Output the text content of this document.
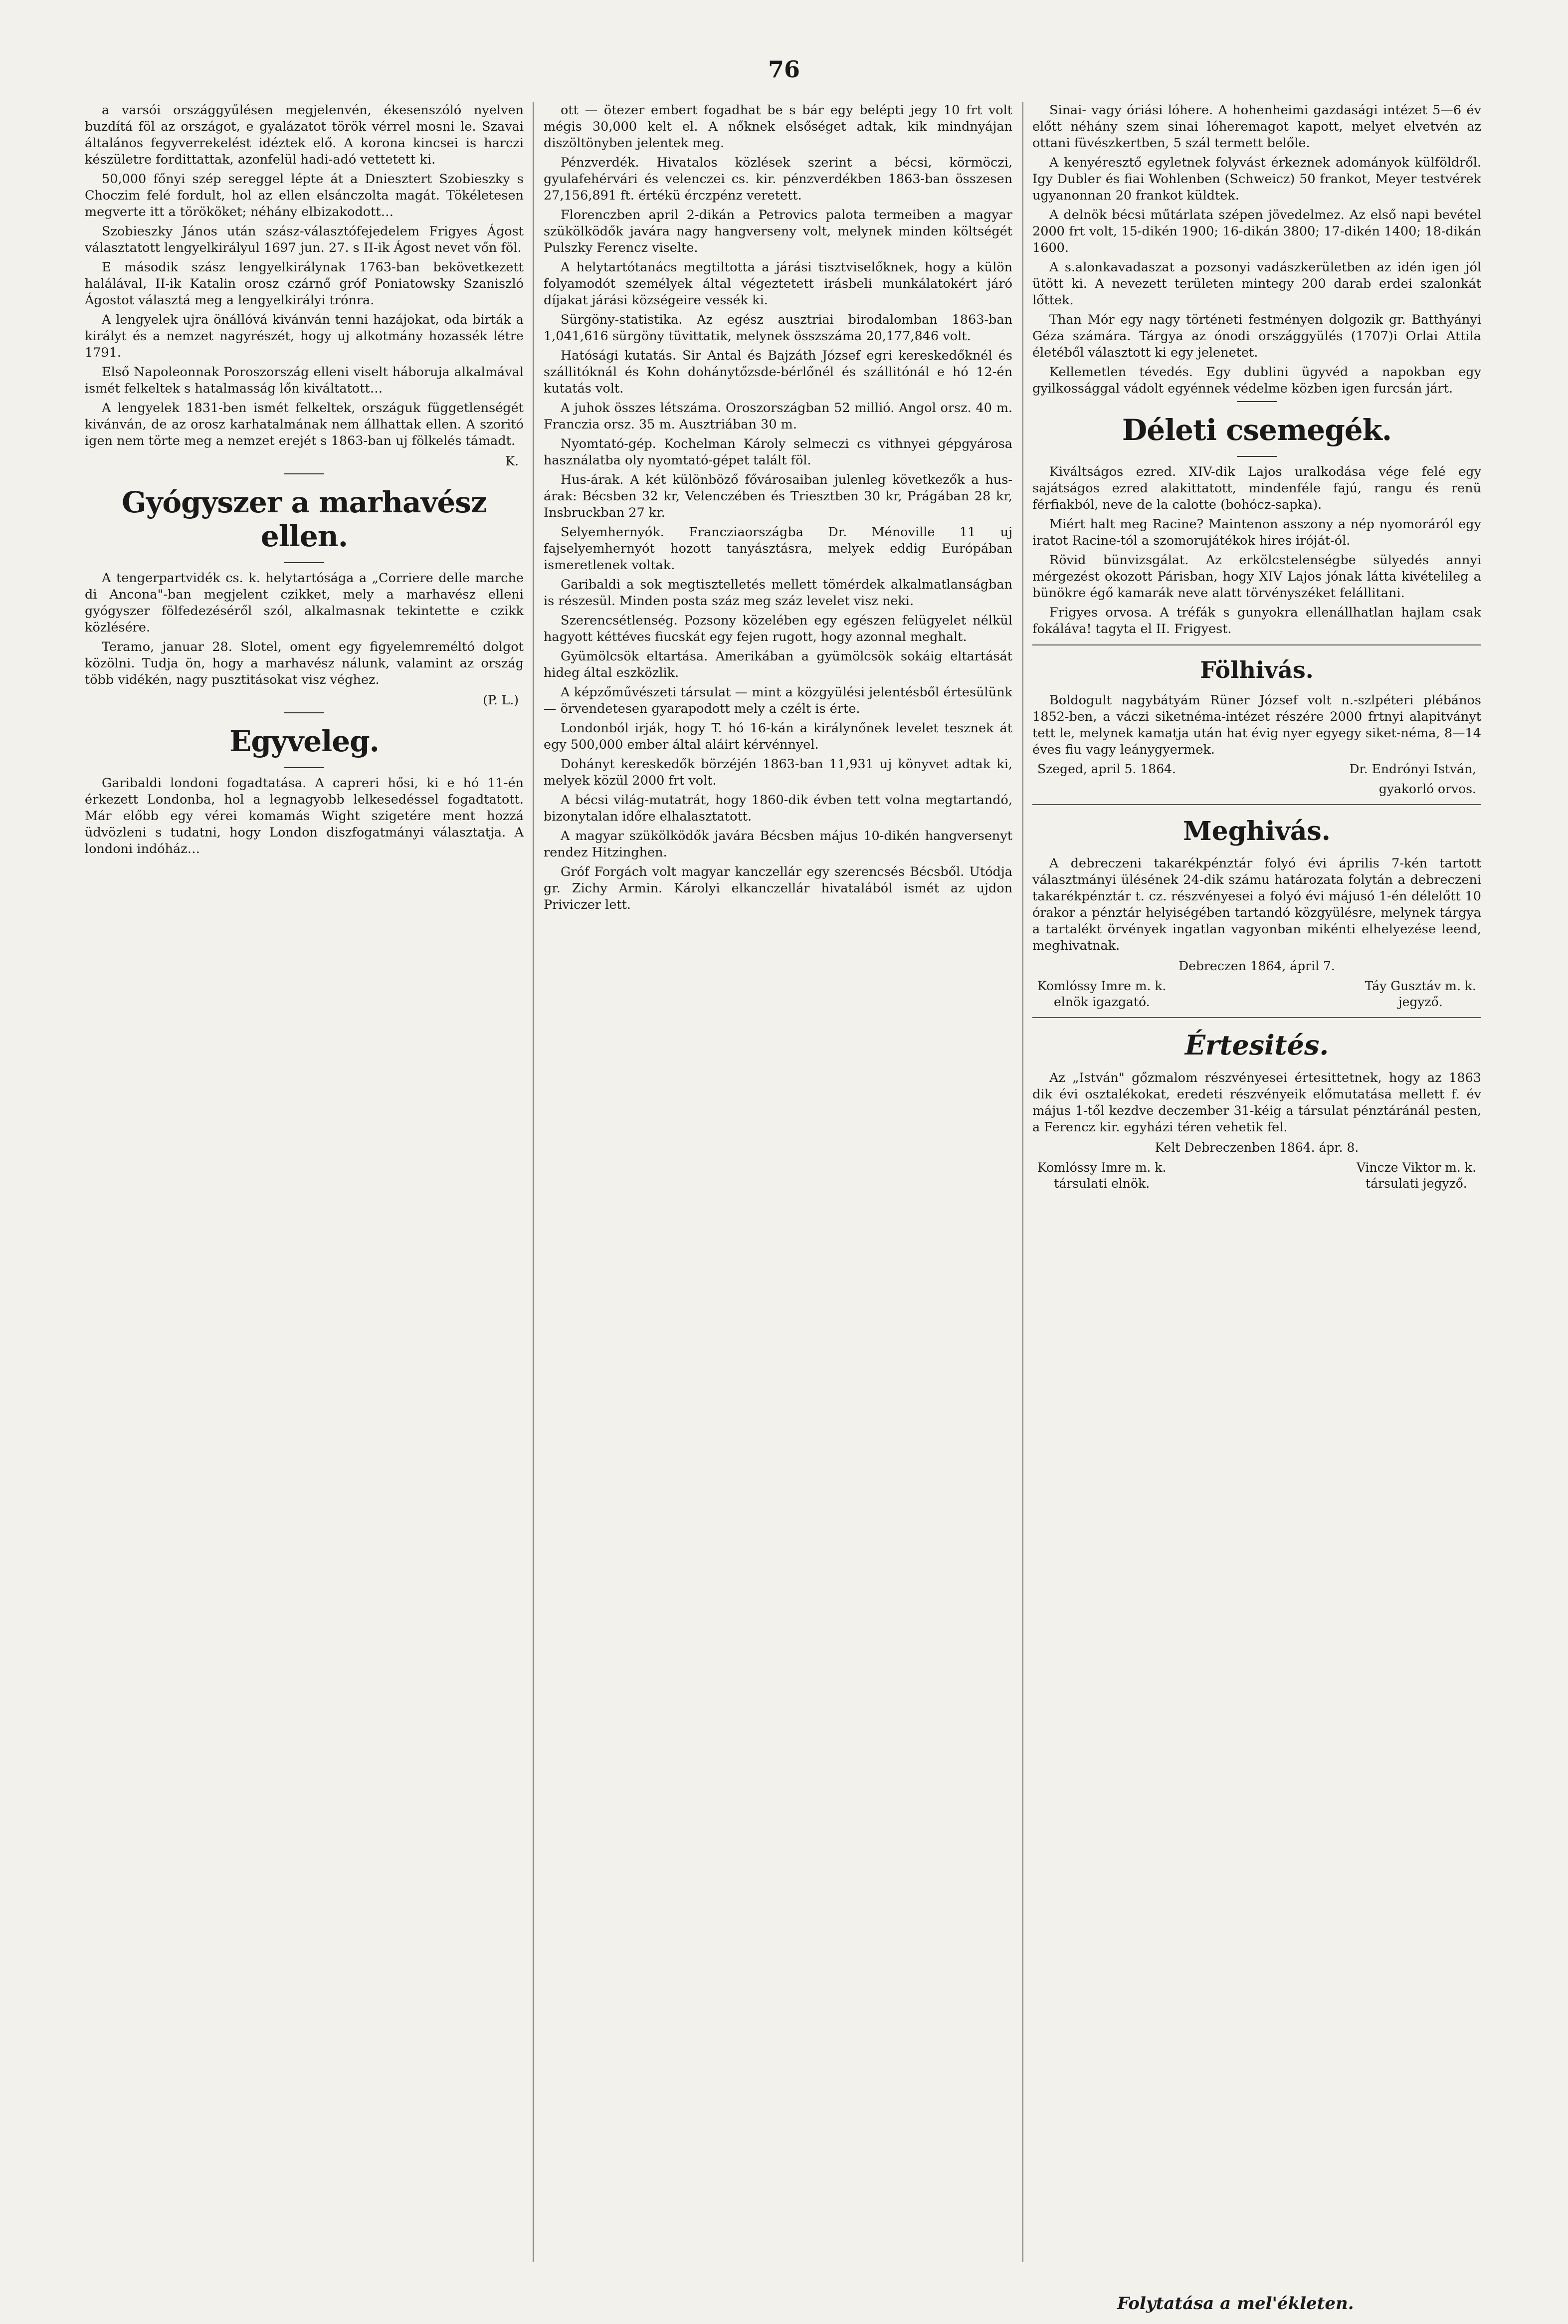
76

a varsói országgyűlésen megjelenvén, ékesenszóló nyelven buzdítá föl az országot, e gyalázatot török vérrel mosni le. Szavai általános fegyverrekelést idéztek elő. A korona kincsei is harczi készületre fordittattak, azonfelül hadi-adó vettetett ki.

50,000 főnyi szép sereggel lépte át a Dniesztert Szobieszky s Choczim felé fordult, hol az ellen elsánczolta magát. Tökéletesen megverte itt a törököket; néhány elbizakodott…

Szobieszky János után szász-választófejedelem Frigyes Ágost választatott lengyelkirályul 1697 jun. 27. s II-ik Ágost nevet vőn föl.

E második szász lengyelkirálynak 1763-ban bekövetkezett halálával, II-ik Katalin orosz czárnő gróf Poniatowsky Szaniszló Ágostot választá meg a lengyelkirályi trónra.

A lengyelek ujra önállóvá kivánván tenni hazájokat, oda birták a királyt és a nemzet nagyrészét, hogy uj alkotmány hozassék létre 1791.

Első Napoleonnak Poroszország elleni viselt háboruja alkalmával ismét felkeltek s hatalmasság lőn kiváltatott…

A lengyelek 1831-ben ismét felkeltek, országuk függetlenségét kivánván, de az orosz karhatalmának nem állhattak ellen. A szoritó igen nem törte meg a nemzet erejét s 1863-ban uj fölkelés támadt.

K.
Gyógyszer a marhavész ellen.

A tengerpartvidék cs. k. helytartósága a „Corriere delle marche di Ancona"-ban megjelent czikket, mely a marhavész elleni gyógyszer fölfedezéséről szól, alkalmasnak tekintette e czikk közlésére.

Teramo, januar 28. Slotel, oment egy figyelemreméltó dolgot közölni. Tudja ön, hogy a marhavész nálunk, valamint az ország több vidékén, nagy pusztitásokat visz véghez.

(P. L.)
Egyveleg.

Garibaldi londoni fogadtatása. A capreri hősi, ki e hó 11-én érkezett Londonba, hol a legnagyobb lelkesedéssel fogadtatott. Már előbb egy vérei komamás Wight szigetére ment hozzá üdvözleni s tudatni, hogy London diszfogatmányi választatja. A londoni indóház…

ott — ötezer embert fogadhat be s bár egy belépti jegy 10 frt volt mégis 30,000 kelt el. A nőknek elsőséget adtak, kik mindnyájan diszöltönyben jelentek meg.

Pénzverdék. Hivatalos közlések szerint a bécsi, körmöczi, gyulafehérvári és velenczei cs. kir. pénzverdékben 1863-ban összesen 27,156,891 ft. értékü érczpénz veretett.

Florenczben april 2-dikán a Petrovics palota termeiben a magyar szükölködők javára nagy hangverseny volt, melynek minden költségét Pulszky Ferencz viselte.

A helytartótanács megtiltotta a járási tisztviselőknek, hogy a külön folyamodót személyek által végeztetett irásbeli munkálatokért járó díjakat járási községeire vessék ki.

Sürgöny-statistika. Az egész ausztriai birodalomban 1863-ban 1,041,616 sürgöny tüvittatik, melynek összszáma 20,177,846 volt.

Hatósági kutatás. Sir Antal és Bajzáth József egri kereskedőknél és szállitóknál és Kohn dohánytőzsde-bérlőnél és szállitónál e hó 12-én kutatás volt.

A juhok összes létszáma. Oroszországban 52 millió. Angol orsz. 40 m. Franczia orsz. 35 m. Ausztriában 30 m.

Nyomtató-gép. Kochelman Károly selmeczi cs vithnyei gépgyárosa használatba oly nyomtató-gépet talált föl.

Hus-árak. A két különböző fővárosaiban julenleg következők a hus-árak: Bécsben 32 kr, Velenczében és Triesztben 30 kr, Prágában 28 kr, Insbruckban 27 kr.

Selyemhernyók. Francziaországba Dr. Ménoville 11 uj fajselyemhernyót hozott tanyásztásra, melyek eddig Európában ismeretlenek voltak.

Garibaldi a sok megtisztelletés mellett tömérdek alkalmatlanságban is részesül. Minden posta száz meg száz levelet visz neki.

Szerencsétlenség. Pozsony közelében egy egészen felügyelet nélkül hagyott kéttéves fiucskát egy fejen rugott, hogy azonnal meghalt.

Gyümölcsök eltartása. Amerikában a gyümölcsök sokáig eltartását hideg által eszközlik.

A képzőművészeti társulat — mint a közgyülési jelentésből értesülünk — örvendetesen gyarapodott mely a czélt is érte.

Londonból irják, hogy T. hó 16-kán a királynőnek levelet tesznek át egy 500,000 ember által aláirt kérvénnyel.

Dohányt kereskedők börzéjén 1863-ban 11,931 uj könyvet adtak ki, melyek közül 2000 frt volt.

A bécsi világ-mutatrát, hogy 1860-dik évben tett volna megtartandó, bizonytalan időre elhalasztatott.

A magyar szükölködők javára Bécsben május 10-dikén hangversenyt rendez Hitzinghen.

Gróf Forgách volt magyar kanczellár egy szerencsés Bécsből. Utódja gr. Zichy Armin. Károlyi elkanczellár hivatalából ismét az ujdon Priviczer lett.

Sinai- vagy óriási lóhere. A hohenheimi gazdasági intézet 5—6 év előtt néhány szem sinai lóheremagot kapott, melyet elvetvén az ottani füvészkertben, 5 szál termett belőle.

A kenyéresztő egyletnek folyvást érkeznek adományok külföldről. Igy Dubler és fiai Wohlenben (Schweicz) 50 frankot, Meyer testvérek ugyanonnan 20 frankot küldtek.

A delnök bécsi műtárlata szépen jövedelmez. Az első napi bevétel 2000 frt volt, 15-dikén 1900; 16-dikán 3800; 17-dikén 1400; 18-dikán 1600.

A s.alonkavadaszat a pozsonyi vadászkerületben az idén igen jól ütött ki. A nevezett területen mintegy 200 darab erdei szalonkát lőttek.

Than Mór egy nagy történeti festményen dolgozik gr. Batthyányi Géza számára. Tárgya az ónodi országgyülés (1707)i Orlai Attila életéből választott ki egy jelenetet.

Kellemetlen tévedés. Egy dublini ügyvéd a napokban egy gyilkossággal vádolt egyénnek védelme közben igen furcsán járt.

Déleti csemegék.

Kiváltságos ezred. XIV-dik Lajos uralkodása vége felé egy sajátságos ezred alakittatott, mindenféle fajú, rangu és renü férfiakból, neve de la calotte (bohócz-sapka).

Miért halt meg Racine? Maintenon asszony a nép nyomoráról egy iratot Racine-tól a szomorujátékok hires iróját-ól.

Rövid bünvizsgálat. Az erkölcstelenségbe sülyedés annyi mérgezést okozott Párisban, hogy XIV Lajos jónak látta kivételileg a bünökre égő kamarák neve alatt törvényszéket felállitani.

Frigyes orvosa. A tréfák s gunyokra ellenállhatlan hajlam csak fokáláva! tagyta el II. Frigyest.

Fölhivás.

Boldogult nagybátyám Rüner József volt n.-szlpéteri plébános 1852-ben, a váczi siketnéma-intézet részére 2000 frtnyi alapitványt tett le, melynek kamatja után hat évig nyer egyegy siket-néma, 8—14 éves fiu vagy leánygyermek.

Szeged, april 5. 1864.	Dr. Endrónyi István,
gyakorló orvos.
Meghivás.

A debreczeni takarékpénztár folyó évi április 7-kén tartott választmányi ülésének 24-dik számu határozata folytán a debreczeni takarékpénztár t. cz. részvényesei a folyó évi májusó 1-én délelőtt 10 órakor a pénztár helyiségében tartandó közgyülésre, melynek tárgya a tartalékt örvények ingatlan vagyonban mikénti elhelyezése leend, meghivatnak.

Debreczen 1864, ápril 7.
Komlóssy Imre m. k.
elnök igazgató.
Táy Gusztáv m. k.
jegyző.
Értesités.

Az „István" gőzmalom részvényesei értesittetnek, hogy az 1863 dik évi osztalékokat, eredeti részvényeik előmutatása mellett f. év május 1-től kezdve deczember 31-kéig a társulat pénztáránál pesten, a Ferencz kir. egyházi téren vehetik fel.

Kelt Debreczenben 1864. ápr. 8.
Komlóssy Imre m. k.
társulati elnök.
Vincze Viktor m. k.
társulati jegyző.
Folytatása a mel'ékleten.
